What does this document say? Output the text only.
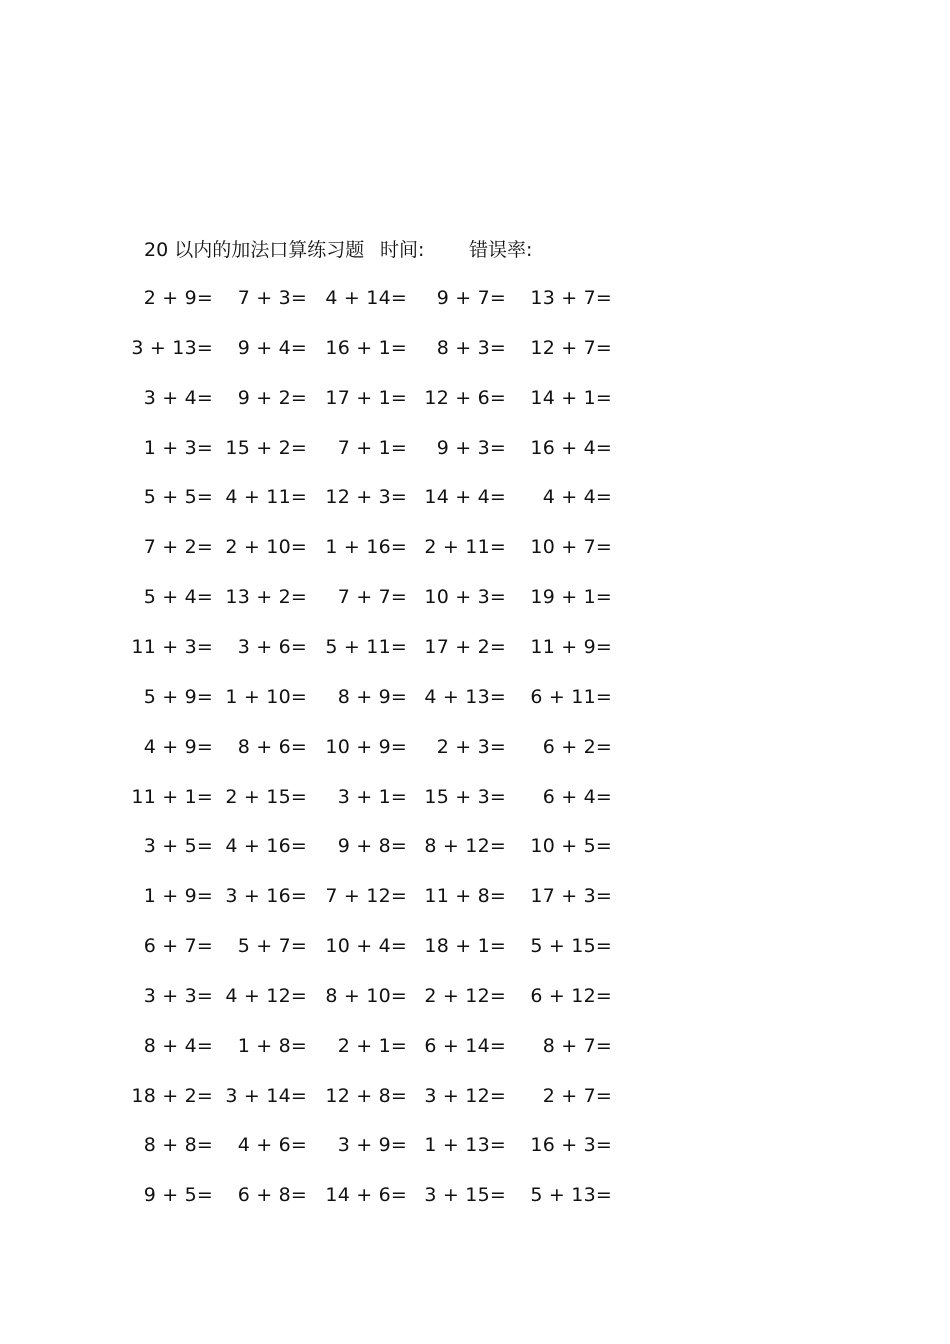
20 以内的加法口算练习题 时间: 错误率:
2 + 9= 7 + 3= 4 + 14= 9 + 7= 13 + 7=
3 + 13= 9 + 4= 16 + 1= 8 + 3= 12 + 7=
3 + 4= 9 + 2= 17 + 1= 12 + 6= 14 + 1=
1 + 3= 15 + 2= 7 + 1= 9 + 3= 16 + 4=
5 + 5= 4 + 11= 12 + 3= 14 + 4= 4 + 4=
7 + 2= 2 + 10= 1 + 16= 2 + 11= 10 + 7=
5 + 4= 13 + 2= 7 + 7= 10 + 3= 19 + 1=
11 + 3= 3 + 6= 5 + 11= 17 + 2= 11 + 9=
5 + 9= 1 + 10= 8 + 9= 4 + 13= 6 + 11=
4 + 9= 8 + 6= 10 + 9= 2 + 3= 6 + 2=
11 + 1= 2 + 15= 3 + 1= 15 + 3= 6 + 4=
3 + 5= 4 + 16= 9 + 8= 8 + 12= 10 + 5=
1 + 9= 3 + 16= 7 + 12= 11 + 8= 17 + 3=
6 + 7= 5 + 7= 10 + 4= 18 + 1= 5 + 15=
3 + 3= 4 + 12= 8 + 10= 2 + 12= 6 + 12=
8 + 4= 1 + 8= 2 + 1= 6 + 14= 8 + 7=
18 + 2= 3 + 14= 12 + 8= 3 + 12= 2 + 7=
8 + 8= 4 + 6= 3 + 9= 1 + 13= 16 + 3=
9 + 5= 6 + 8= 14 + 6= 3 + 15= 5 + 13=
